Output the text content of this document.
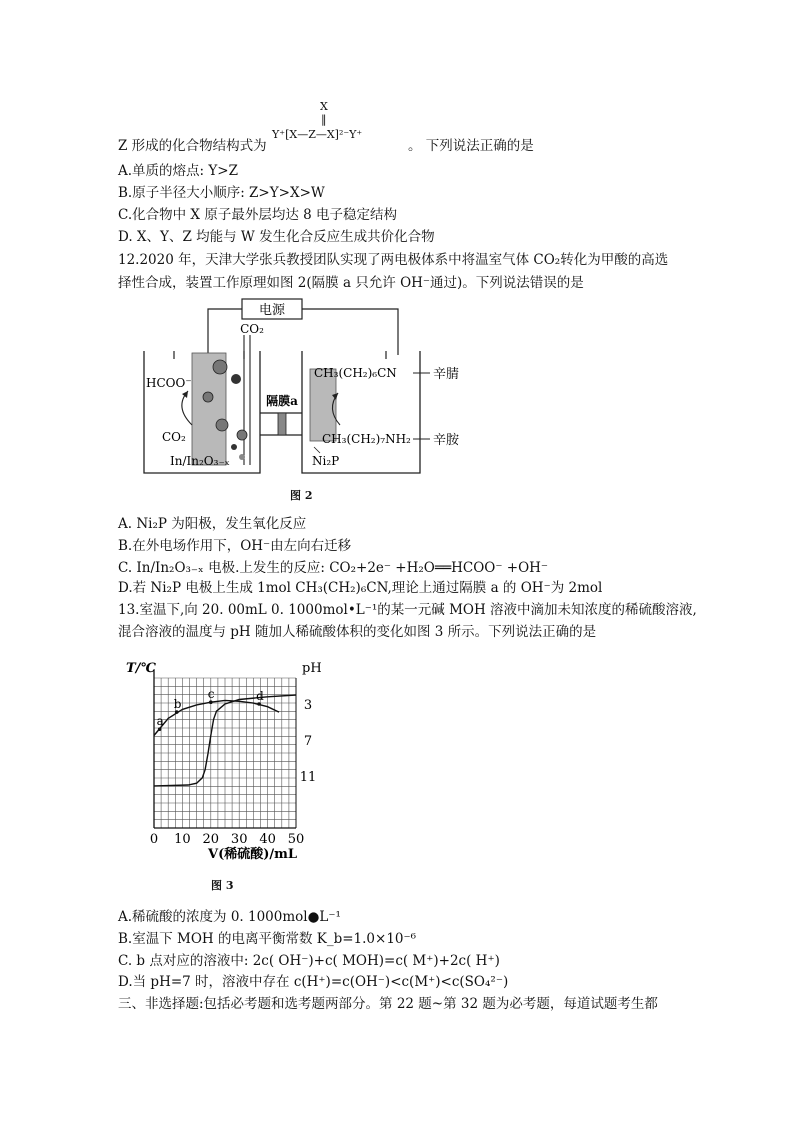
Z 形成的化合物结构式为
X
‖
Y⁺[X—Z—X]²⁻Y⁺
。 下列说法正确的是
A.单质的熔点: Y>Z
B.原子半径大小顺序: Z>Y>X>W
C.化合物中 X 原子最外层均达 8 电子稳定结构
D. X、Y、Z 均能与 W 发生化合反应生成共价化合物
12.2020 年，天津大学张兵教授团队实现了两电极体系中将温室气体 CO₂转化为甲酸的高选
择性合成，装置工作原理如图 2(隔膜 a 只允许 OH⁻通过)。下列说法错误的是
电源
隔膜a
CO₂
HCOO⁻
CO₂
In/In₂O₃₋ₓ
CH₃(CH₂)₆CN	辛腈
CH₃(CH₂)₇NH₂ 辛胺
Ni₂P
图 2
A. Ni₂P 为阳极，发生氧化反应
B.在外电场作用下，OH⁻由左向右迁移
C. In/In₂O₃₋ₓ 电极.上发生的反应: CO₂+2e⁻ +H₂O══HCOO⁻ +OH⁻
D.若 Ni₂P 电极上生成 1mol CH₃(CH₂)₆CN,理论上通过隔膜 a 的 OH⁻为 2mol
13.室温下,向 20. 00mL 0. 1000mol•L⁻¹的某一元碱 MOH 溶液中滴加未知浓度的稀硫酸溶液,
混合溶液的温度与 pH 随加人稀硫酸体积的变化如图 3 所示。下列说法正确的是
a
b
c	d
0 10 20 30 40 50
3
7
11
T/℃	pH
V(稀硫酸)/mL
图 3
A.稀硫酸的浓度为 0. 1000mol●L⁻¹
B.室温下 MOH 的电离平衡常数 K_b=1.0×10⁻⁶
C. b 点对应的溶液中: 2c( OH⁻)+c( MOH)=c( M⁺)+2c( H⁺)
D.当 pH=7 时，溶液中存在 c(H⁺)=c(OH⁻)<c(M⁺)<c(SO₄²⁻)
三、非选择题:包括必考题和选考题两部分。第 22 题~第 32 题为必考题，每道试题考生都
